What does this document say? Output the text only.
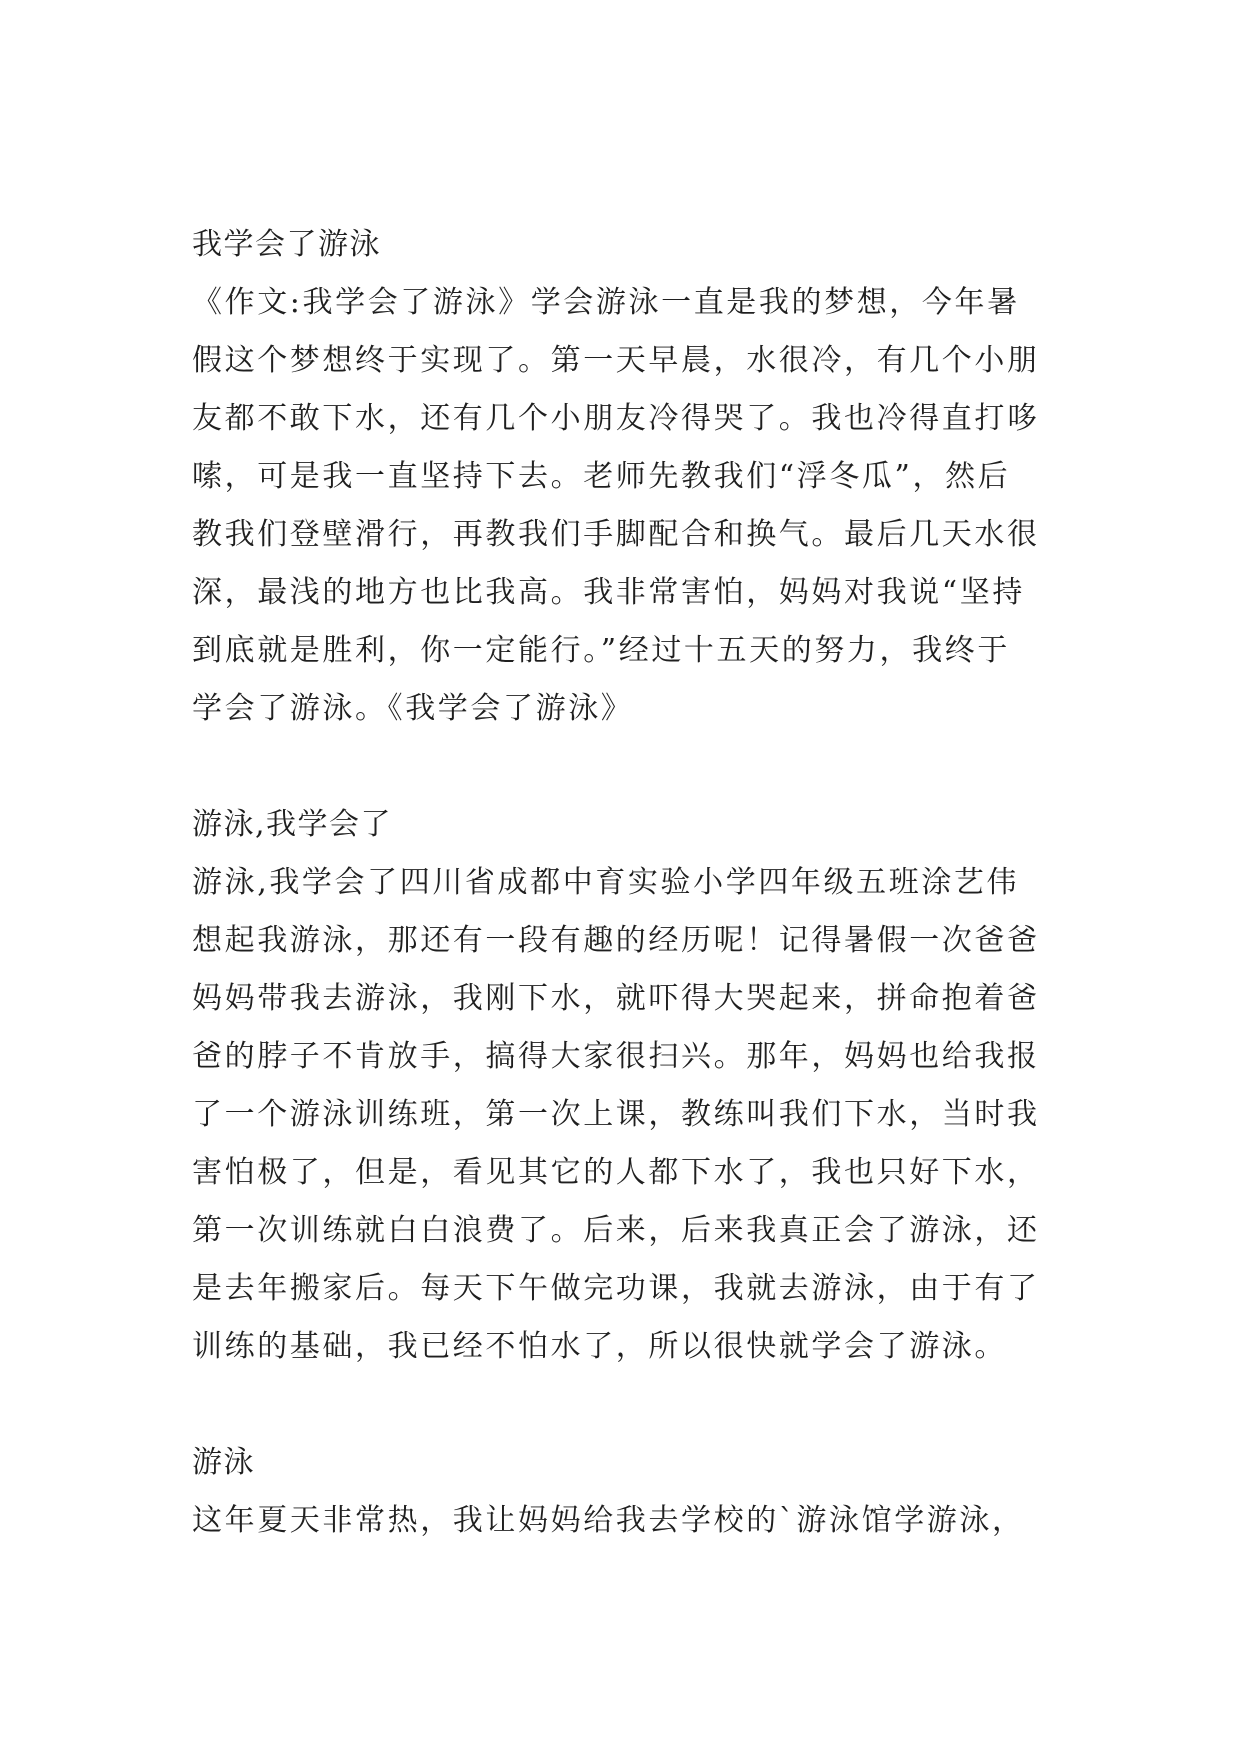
我学会了游泳
《作文:我学会了游泳》学会游泳一直是我的梦想，今年暑
假这个梦想终于实现了。第一天早晨，水很冷，有几个小朋
友都不敢下水，还有几个小朋友冷得哭了。我也冷得直打哆
嗦，可是我一直坚持下去。老师先教我们“浮冬瓜”，然后
教我们登壁滑行，再教我们手脚配合和换气。最后几天水很
深，最浅的地方也比我高。我非常害怕，妈妈对我说“坚持
到底就是胜利，你一定能行。”经过十五天的努力，我终于
学会了游泳。《我学会了游泳》
游泳,我学会了
游泳,我学会了四川省成都中育实验小学四年级五班涂艺伟
想起我游泳，那还有一段有趣的经历呢！记得暑假一次爸爸
妈妈带我去游泳，我刚下水，就吓得大哭起来，拼命抱着爸
爸的脖子不肯放手，搞得大家很扫兴。那年，妈妈也给我报
了一个游泳训练班，第一次上课，教练叫我们下水，当时我
害怕极了，但是，看见其它的人都下水了，我也只好下水，
第一次训练就白白浪费了。后来，后来我真正会了游泳，还
是去年搬家后。每天下午做完功课，我就去游泳，由于有了
训练的基础，我已经不怕水了，所以很快就学会了游泳。
游泳
这年夏天非常热，我让妈妈给我去学校的`游泳馆学游泳，
